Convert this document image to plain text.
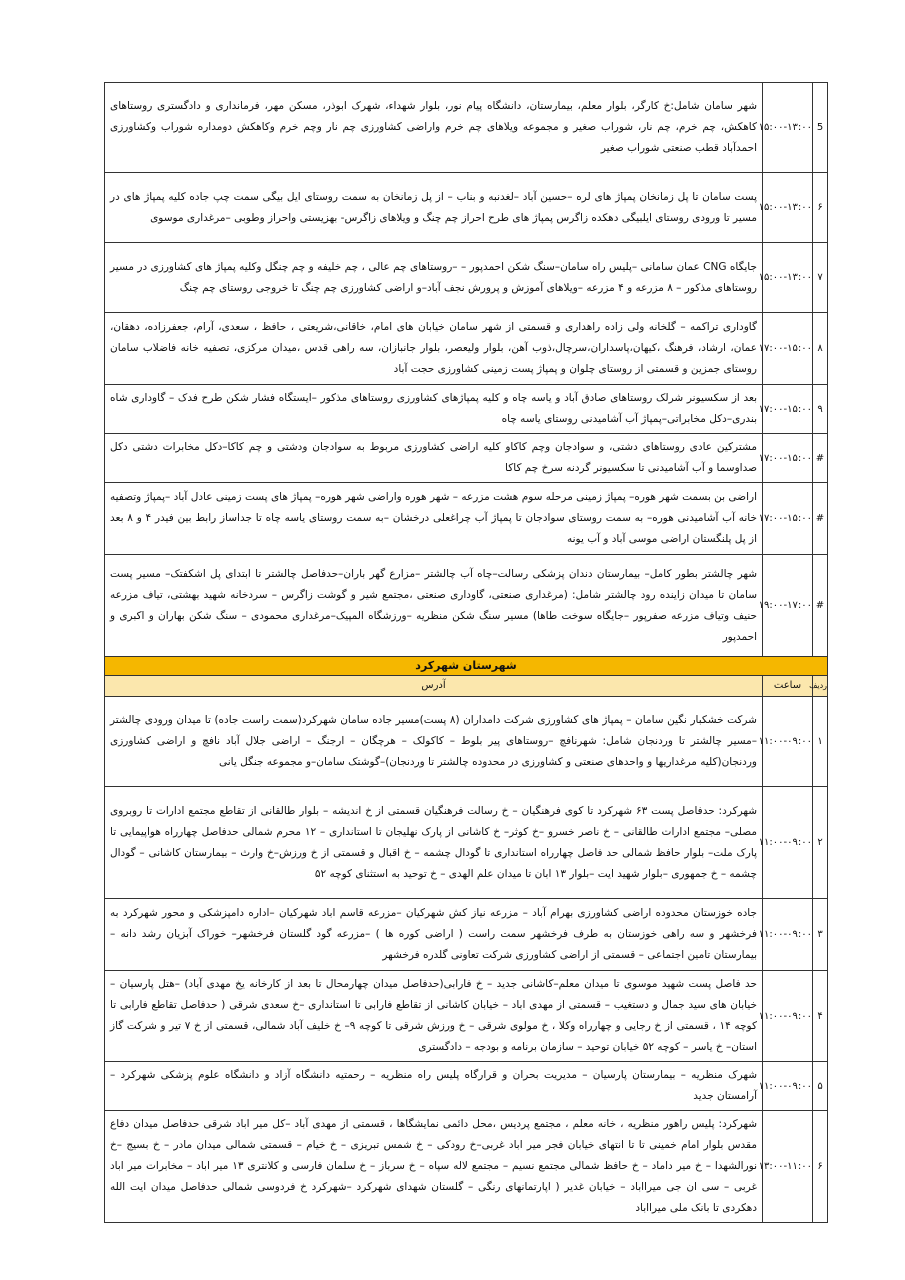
5	۱۵:۰۰-۱۳:۰۰	شهر سامان شامل:خ کارگر، بلوار معلم، بیمارستان، دانشگاه پیام نور، بلوار شهداء، شهرک ابوذر، مسکن مهر، فرمانداری و دادگستری روستاهای کاهکش، چم خرم، چم نار، شوراب صغیر و مجموعه ویلاهای چم خرم واراضی کشاورزی چم نار وچم خرم وکاهکش دومداره شوراب وکشاورزی احمدآباد قطب صنعتی شوراب صغیر
۶	۱۵:۰۰-۱۳:۰۰	پست سامان تا پل زمانخان پمپاژ های لره –حسین آباد –لغدنبه و بناب – از پل زمانخان به سمت روستای ایل بیگی سمت چپ جاده کلیه پمپاژ های در مسیر تا ورودی روستای ایلبیگی دهکده زاگرس پمپاژ های طرح احراز چم چنگ و ویلاهای زاگرس- بهزیستی واحراز وطوبی –مرغداری موسوی
۷	۱۵:۰۰-۱۳:۰۰	جایگاه CNG عمان سامانی –پلیس راه سامان–سنگ شکن احمدپور – –روستاهای چم عالی ، چم خلیفه و چم چنگل وکلیه پمپاژ های کشاورزی در مسیر روستاهای مذکور – ۸ مزرعه و ۴ مزرعه –ویلاهای آموزش و پرورش نجف آباد–و اراضی کشاورزی چم چنگ تا خروجی روستای چم چنگ
۸	۱۷:۰۰-۱۵:۰۰	گاوداری تراکمه – گلخانه ولی زاده راهداری و قسمتی از شهر سامان خیابان های امام، خاقانی،شریعتی ، حافظ ، سعدی، آرام، جعفرزاده، دهقان، عمان، ارشاد، فرهنگ ،کیهان،پاسداران،سرچال،ذوب آهن، بلوار ولیعصر، بلوار جانبازان، سه راهی قدس ،میدان مرکزی، تصفیه خانه فاضلاب سامان روستای جمزین و قسمتی از روستای چلوان و پمپاژ پست زمینی کشاورزی حجت آباد
۹	۱۷:۰۰-۱۵:۰۰	بعد از سکسیونر شرلک روستاهای صادق آباد و یاسه چاه و کلیه پمپاژهای کشاورزی روستاهای مذکور –ایستگاه فشار شکن طرح فدک – گاوداری شاه بندری–دکل مخابراتی–پمپاژ آب آشامیدنی روستای یاسه چاه
#	۱۷:۰۰-۱۵:۰۰	مشترکین عادی روستاهای دشتی، و سوادجان وچم کاکاو کلیه اراضی کشاورزی مربوط به سوادجان ودشتی و چم کاکا–دکل مخابرات دشتی دکل صداوسما و آب آشامیدنی تا سکسیونر گردنه سرخ چم کاکا
#	۱۷:۰۰-۱۵:۰۰	اراضی بن بسمت شهر هوره– پمپاژ زمینی مرحله سوم هشت مزرعه – شهر هوره واراضی شهر هوره– پمپاژ های پست زمینی عادل آباد –پمپاژ وتصفیه خانه آب آشامیدنی هوره– به سمت روستای سوادجان تا پمپاژ آب چراغعلی درخشان –به سمت روستای یاسه چاه تا جداساز رابط بین فیدر ۴ و ۸ بعد از پل پلنگستان اراضی موسی آباد و آب یونه
#	۱۹:۰۰-۱۷:۰۰	شهر چالشتر بطور کامل– بیمارستان دندان پزشکی رسالت–چاه آب چالشتر –مزارع گهر باران–حدفاصل چالشتر تا ابتدای پل اشکفتک– مسیر پست سامان تا میدان زاینده رود چالشتر شامل: (مرغداری صنعتی، گاوداری صنعتی ،مجتمع شیر و گوشت زاگرس – سردخانه شهید بهشتی، تیاف مزرعه حنیف وتیاف مزرعه صفرپور –جایگاه سوخت طاها) مسیر سنگ شکن منظریه –ورزشگاه المپیک–مرغداری محمودی – سنگ شکن بهاران و اکبری و احمدپور
شهرستان شهرکرد		
ردیف	ساعت	آدرس
۱	۱۱:۰۰-۰۹:۰۰	شرکت خشکبار نگین سامان – پمپاژ های کشاورزی شرکت دامداران (۸ پست)مسیر جاده سامان شهرکرد(سمت راست جاده) تا میدان ورودی چالشتر –مسیر چالشتر تا وردنجان شامل: شهرنافچ –روستاهای پیر بلوط – کاکولک – هرچگان – ارجنگ – اراضی جلال آباد نافچ و اراضی کشاورزی وردنجان(کلیه مرغداریها و واحدهای صنعتی و کشاورزی در محدوده چالشتر تا وردنجان)–گوشتک سامان–و مجموعه جنگل یانی
۲	۱۱:۰۰-۰۹:۰۰	شهرکرد: حدفاصل پست ۶۳ شهرکرد تا کوی فرهنگیان – خ رسالت فرهنگیان قسمتی از خ اندیشه – بلوار طالقانی از تقاطع مجتمع ادارات تا روبروی مصلی– مجتمع ادارات طالقانی – خ ناصر خسرو –خ کوثر– خ کاشانی از پارک نهلیجان تا استانداری – ۱۲ محرم شمالی حدفاصل چهارراه هواپیمایی تا پارک ملت– بلوار حافظ شمالی حد فاصل چهارراه استانداری تا گودال چشمه – خ اقبال و قسمتی از خ ورزش–خ وارث – بیمارستان کاشانی – گودال چشمه – خ جمهوری –بلوار شهید ایت –بلوار ۱۳ ابان تا میدان علم الهدی – خ توحید به استثنای کوچه ۵۲
۳	۱۱:۰۰-۰۹:۰۰	جاده خوزستان محدوده اراضی کشاورزی بهرام آباد – مزرعه نیاز کش شهرکیان –مزرعه قاسم اباد شهرکیان –اداره دامپزشکی و محور شهرکرد به فرخشهر و سه راهی خوزستان به طرف فرخشهر سمت راست ( اراضی کوره ها ) –مزرعه گود گلستان فرخشهر– خوراک آبزیان رشد دانه – بیمارستان تامین اجتماعی – قسمتی از اراضی کشاورزی شرکت تعاونی گلدره فرخشهر
۴	۱۱:۰۰-۰۹:۰۰	حد فاصل پست شهید موسوی تا میدان معلم–کاشانی جدید – خ فارابی(حدفاصل میدان چهارمحال تا بعد از کارخانه یخ مهدی آباد) –هتل پارسیان – خیابان های سید جمال و دستغیب – قسمتی از مهدی اباد – خیابان کاشانی از تقاطع فارابی تا استانداری –خ سعدی شرقی ( حدفاصل تقاطع فارابی تا کوچه ۱۴ ، قسمتی از خ رجایی و چهارراه وکلا ، خ مولوی شرقی – خ ورزش شرقی تا کوچه ۹– خ خلیف آباد شمالی، قسمتی از خ ۷ تیر و شرکت گاز استان– خ یاسر – کوچه ۵۲ خیابان توحید – سازمان برنامه و بودجه – دادگستری
۵	۱۱:۰۰-۰۹:۰۰	شهرک منظریه – بیمارستان پارسیان – مدیریت بحران و قرارگاه پلیس راه منظریه – رحمتیه دانشگاه آزاد و دانشگاه علوم پزشکی شهرکرد – آرامستان جدید
۶	۱۳:۰۰-۱۱:۰۰	شهرکرد: پلیس راهور منظریه ، خانه معلم ، مجتمع پردیس ،محل دائمی نمایشگاها ، قسمتی از مهدی آباد –کل میر اباد شرقی حدفاصل میدان دفاع مقدس بلوار امام خمینی تا تا انتهای خیابان فجر میر اباد غربی–خ رودکی – خ شمس تبریزی – خ خیام – قسمتی شمالی میدان مادر – خ بسیج –خ نورالشهدا – خ میر داماد – خ حافظ شمالی مجتمع نسیم – مجتمع لاله سپاه – خ سرباز – خ سلمان فارسی و کلانتری ۱۳ میر اباد – مخابرات میر اباد غربی – سی ان جی میرااباد – خیابان غدیر ( اپارتمانهای رنگی – گلستان شهدای شهرکرد –شهرکرد خ فردوسی شمالی حدفاصل میدان ایت الله دهکردی تا بانک ملی میرااباد
